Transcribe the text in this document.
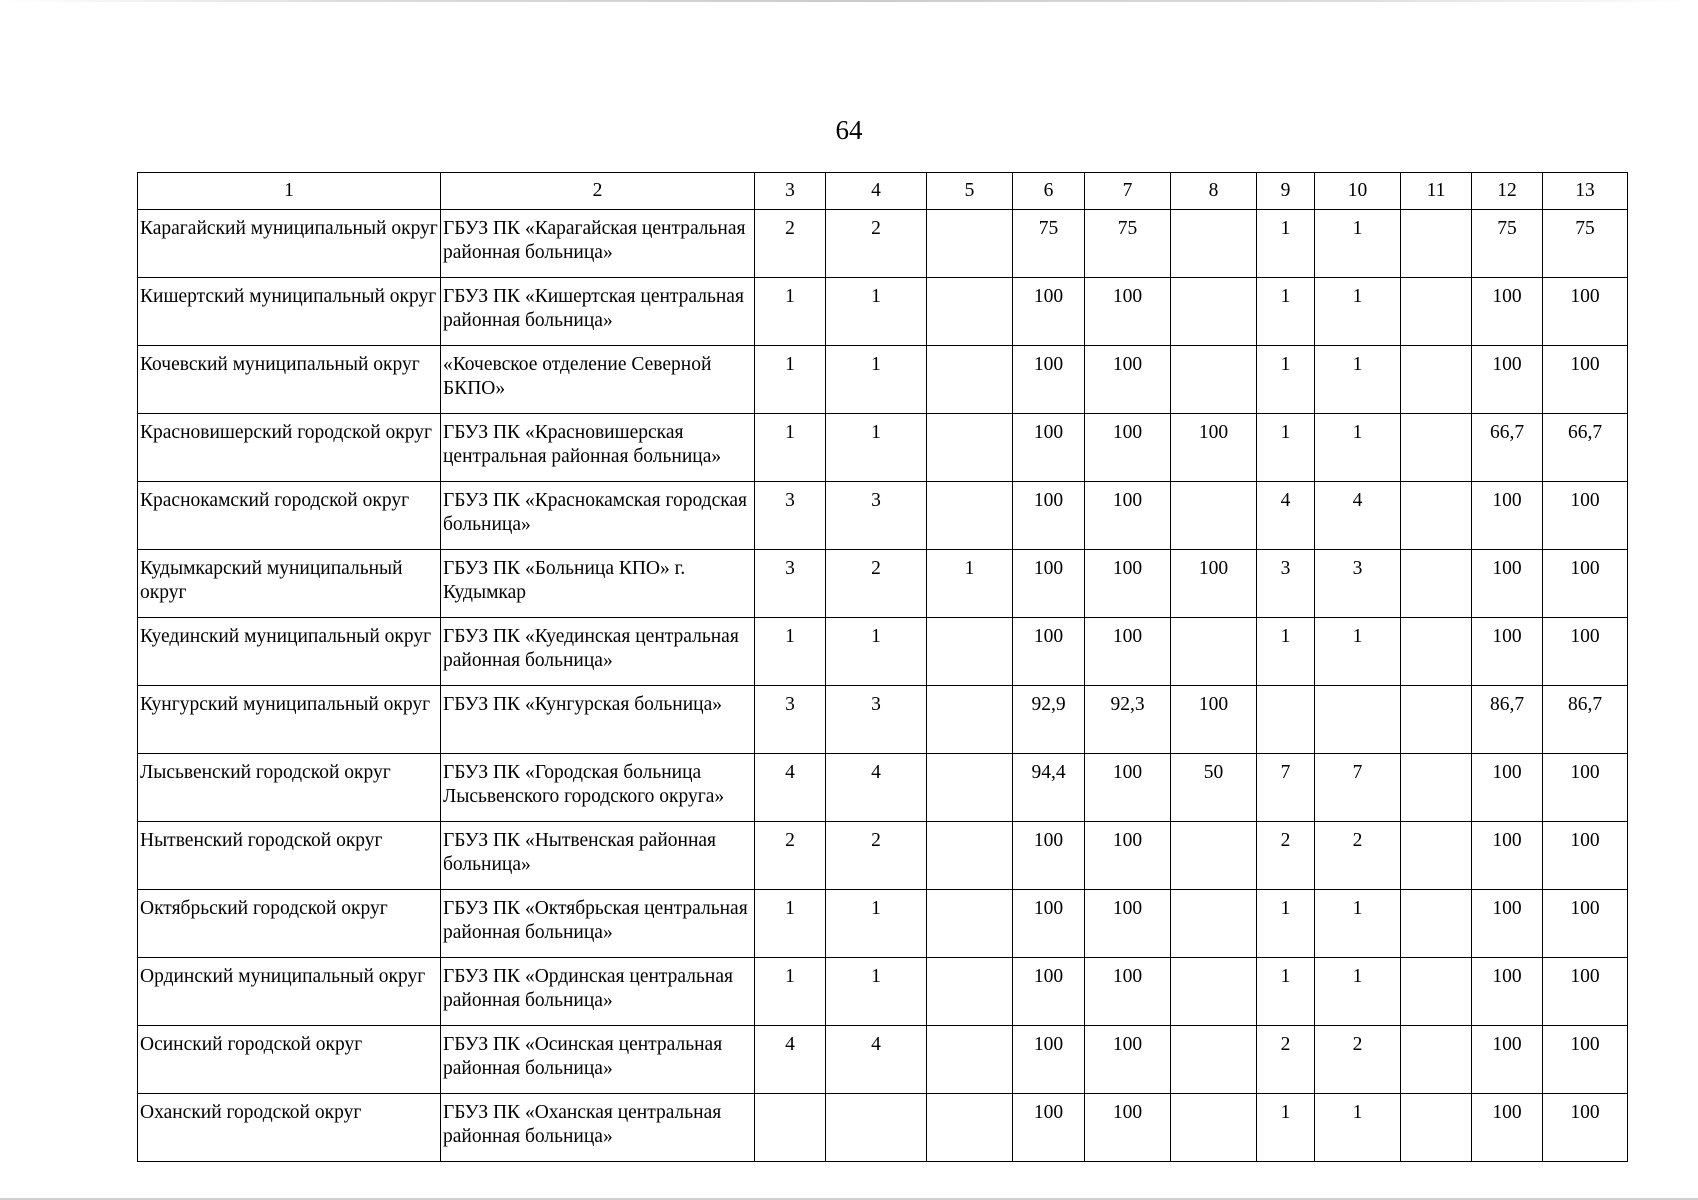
64
1	2	3	4	5	6	7	8	9	10	11	12	13
Карагайский муниципальный округ	ГБУЗ ПК «Карагайская центральная районная больница»	2	2		75	75		1	1		75	75
Кишертский муниципальный округ	ГБУЗ ПК «Кишертская центральная районная больница»	1	1		100	100		1	1		100	100
Кочевский муниципальный округ	«Кочевское отделение Северной БКПО»	1	1		100	100		1	1		100	100
Красновишерский городской округ	ГБУЗ ПК «Красновишерская центральная районная больница»	1	1		100	100	100	1	1		66,7	66,7
Краснокамский городской округ	ГБУЗ ПК «Краснокамская городская больница»	3	3		100	100		4	4		100	100
Кудымкарский муниципальный округ	ГБУЗ ПК «Больница КПО» г. Кудымкар	3	2	1	100	100	100	3	3		100	100
Куединский муниципальный округ	ГБУЗ ПК «Куединская центральная районная больница»	1	1		100	100		1	1		100	100
Кунгурский муниципальный округ	ГБУЗ ПК «Кунгурская больница»	3	3		92,9	92,3	100				86,7	86,7
Лысьвенский городской округ	ГБУЗ ПК «Городская больница Лысьвенского городского округа»	4	4		94,4	100	50	7	7		100	100
Нытвенский городской округ	ГБУЗ ПК «Нытвенская районная больница»	2	2		100	100		2	2		100	100
Октябрьский городской округ	ГБУЗ ПК «Октябрьская центральная районная больница»	1	1		100	100		1	1		100	100
Ординский муниципальный округ	ГБУЗ ПК «Ординская центральная районная больница»	1	1		100	100		1	1		100	100
Осинский городской округ	ГБУЗ ПК «Осинская центральная районная больница»	4	4		100	100		2	2		100	100
Оханский городской округ	ГБУЗ ПК «Оханская центральная районная больница»				100	100		1	1		100	100
